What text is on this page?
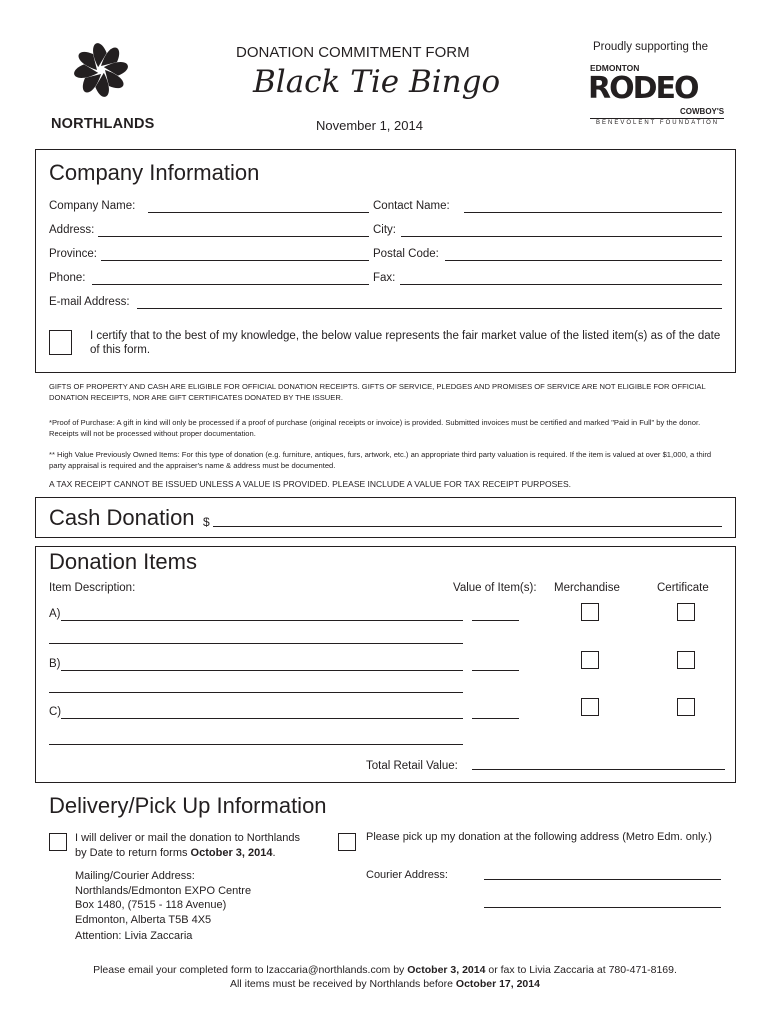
NORTHLANDS
DONATION COMMITMENT FORM
Black Tie Bingo
November 1, 2014
Proudly supporting the
EDMONTON
RODEO
COWBOY'S
BENEVOLENT FOUNDATION
Company Information
Company Name:	Contact Name:
Address:	City:
Province:	Postal Code:
Phone:	Fax:
E-mail Address:
I certify that to the best of my knowledge, the below value represents the fair market value of the listed item(s) as of the date of this form.
GIFTS OF PROPERTY AND CASH ARE ELIGIBLE FOR OFFICIAL DONATION RECEIPTS. GIFTS OF SERVICE, PLEDGES AND PROMISES OF SERVICE ARE NOT ELIGIBLE FOR OFFICIAL DONATION RECEIPTS, NOR ARE GIFT CERTIFICATES DONATED BY THE ISSUER.
*Proof of Purchase: A gift in kind will only be processed if a proof of purchase (original receipts or invoice) is provided. Submitted invoices must be certified and marked "Paid in Full" by the donor. Receipts will not be processed without proper documentation.
** High Value Previously Owned Items: For this type of donation (e.g. furniture, antiques, furs, artwork, etc.) an appropriate third party valuation is required. If the item is valued at over $1,000, a third party appraisal is required and the appraiser's name & address must be documented.
A TAX RECEIPT CANNOT BE ISSUED UNLESS A VALUE IS PROVIDED. PLEASE INCLUDE A VALUE FOR TAX RECEIPT PURPOSES.
Cash Donation $
Donation Items
Item Description:	Value of Item(s): Merchandise	Certificate
A)
B)
C)
Total Retail Value:
Delivery/Pick Up Information
I will deliver or mail the donation to Northlands
by Date to return forms October 3, 2014.
Please pick up my donation at the following address (Metro Edm. only.)
Mailing/Courier Address:
Northlands/Edmonton EXPO Centre
Box 1480, (7515 - 118 Avenue)
Edmonton, Alberta T5B 4X5
Attention: Livia Zaccaria
Courier Address:
Please email your completed form to lzaccaria@northlands.com by October 3, 2014 or fax to Livia Zaccaria at 780-471-8169.
All items must be received by Northlands before October 17, 2014
